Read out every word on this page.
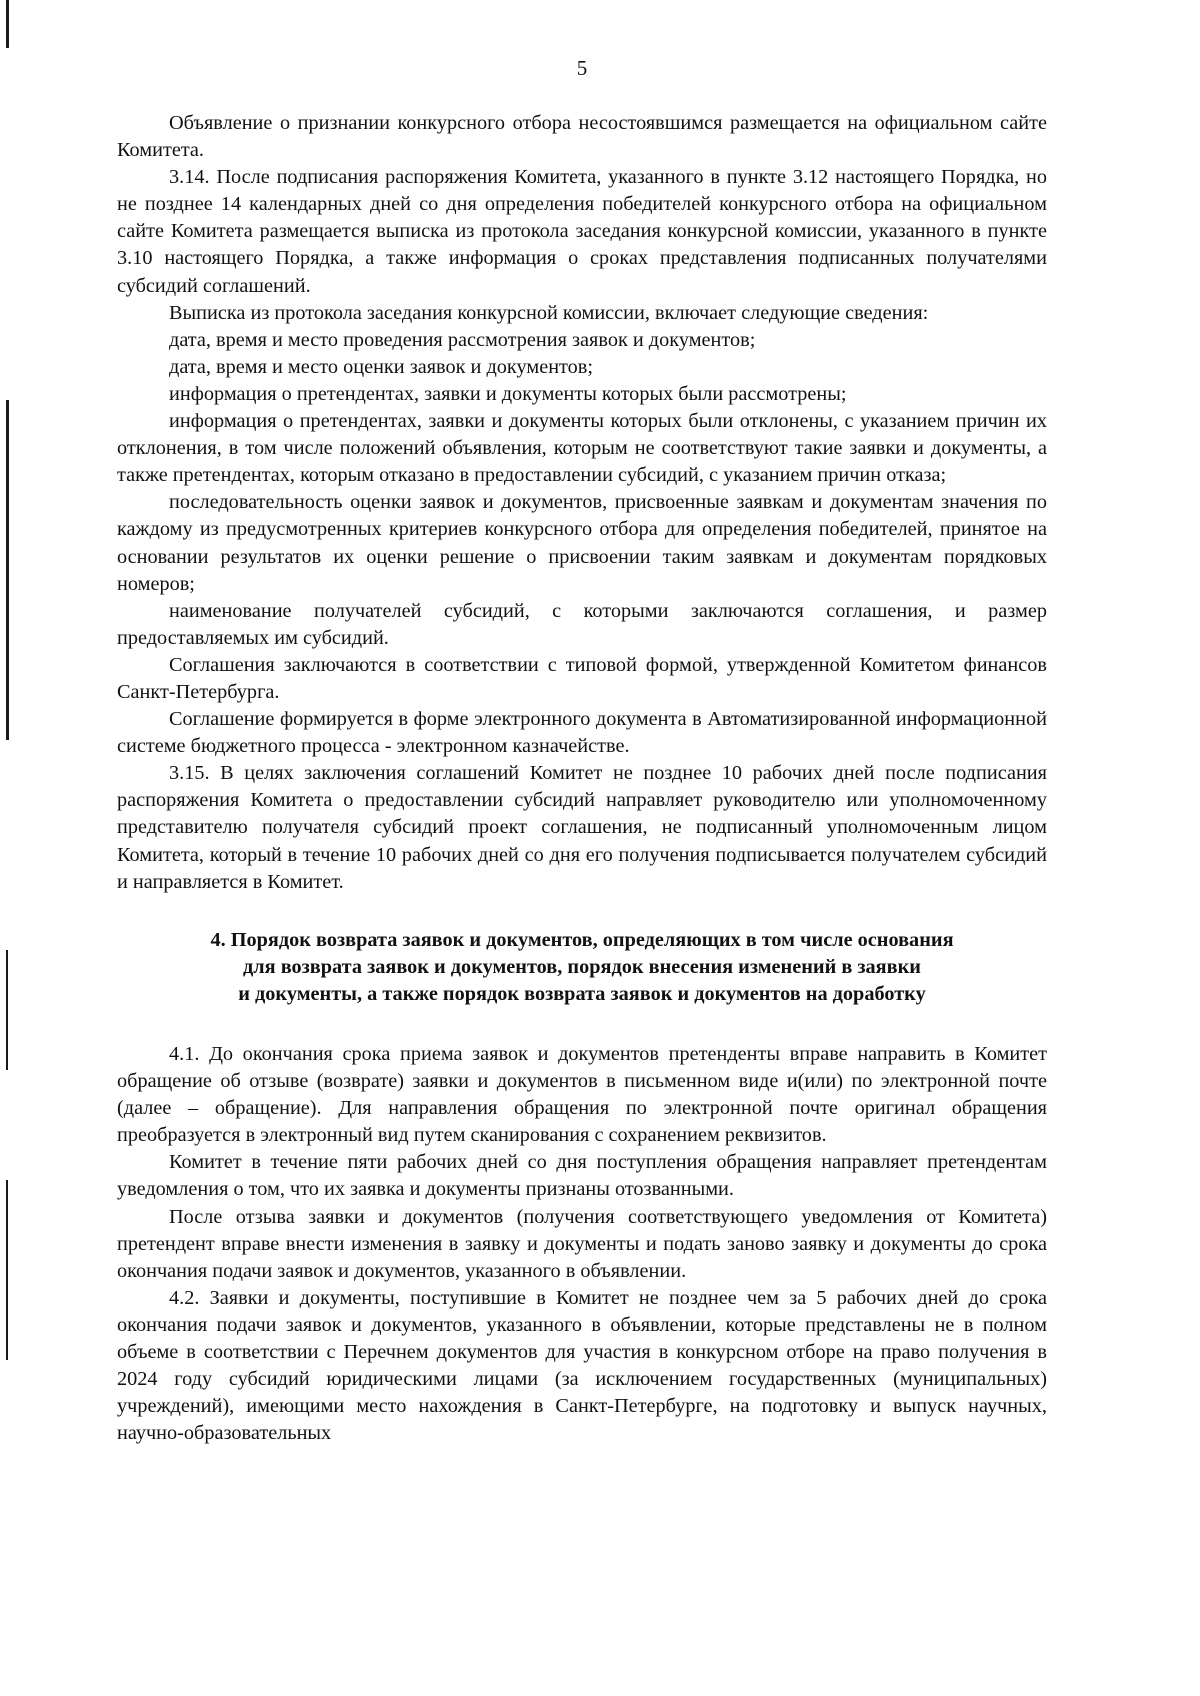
5

Объявление о признании конкурсного отбора несостоявшимся размещается на официальном сайте Комитета.

3.14. После подписания распоряжения Комитета, указанного в пункте 3.12 настоящего Порядка, но не позднее 14 календарных дней со дня определения победителей конкурсного отбора на официальном сайте Комитета размещается выписка из протокола заседания конкурсной комиссии, указанного в пункте 3.10 настоящего Порядка, а также информация о сроках представления подписанных получателями субсидий соглашений.

Выписка из протокола заседания конкурсной комиссии, включает следующие сведения:

дата, время и место проведения рассмотрения заявок и документов;

дата, время и место оценки заявок и документов;

информация о претендентах, заявки и документы которых были рассмотрены;

информация о претендентах, заявки и документы которых были отклонены, с указанием причин их отклонения, в том числе положений объявления, которым не соответствуют такие заявки и документы, а также претендентах, которым отказано в предоставлении субсидий, с указанием причин отказа;

последовательность оценки заявок и документов, присвоенные заявкам и документам значения по каждому из предусмотренных критериев конкурсного отбора для определения победителей, принятое на основании результатов их оценки решение о присвоении таким заявкам и документам порядковых номеров;

наименование получателей субсидий, с которыми заключаются соглашения, и размер предоставляемых им субсидий.

Соглашения заключаются в соответствии с типовой формой, утвержденной Комитетом финансов Санкт-Петербурга.

Соглашение формируется в форме электронного документа в Автоматизированной информационной системе бюджетного процесса - электронном казначействе.

3.15. В целях заключения соглашений Комитет не позднее 10 рабочих дней после подписания распоряжения Комитета о предоставлении субсидий направляет руководителю или уполномоченному представителю получателя субсидий проект соглашения, не подписанный уполномоченным лицом Комитета, который в течение 10 рабочих дней со дня его получения подписывается получателем субсидий и направляется в Комитет.

4. Порядок возврата заявок и документов, определяющих в том числе основания
для возврата заявок и документов, порядок внесения изменений в заявки
и документы, а также порядок возврата заявок и документов на доработку

4.1. До окончания срока приема заявок и документов претенденты вправе направить в Комитет обращение об отзыве (возврате) заявки и документов в письменном виде и(или) по электронной почте (далее – обращение). Для направления обращения по электронной почте оригинал обращения преобразуется в электронный вид путем сканирования с сохранением реквизитов.

Комитет в течение пяти рабочих дней со дня поступления обращения направляет претендентам уведомления о том, что их заявка и документы признаны отозванными.

После отзыва заявки и документов (получения соответствующего уведомления от Комитета) претендент вправе внести изменения в заявку и документы и подать заново заявку и документы до срока окончания подачи заявок и документов, указанного в объявлении.

4.2. Заявки и документы, поступившие в Комитет не позднее чем за 5 рабочих дней до срока окончания подачи заявок и документов, указанного в объявлении, которые представлены не в полном объеме в соответствии с Перечнем документов для участия в конкурсном отборе на право получения в 2024 году субсидий юридическими лицами (за исключением государственных (муниципальных) учреждений), имеющими место нахождения в Санкт-Петербурге, на подготовку и выпуск научных, научно-образовательных
